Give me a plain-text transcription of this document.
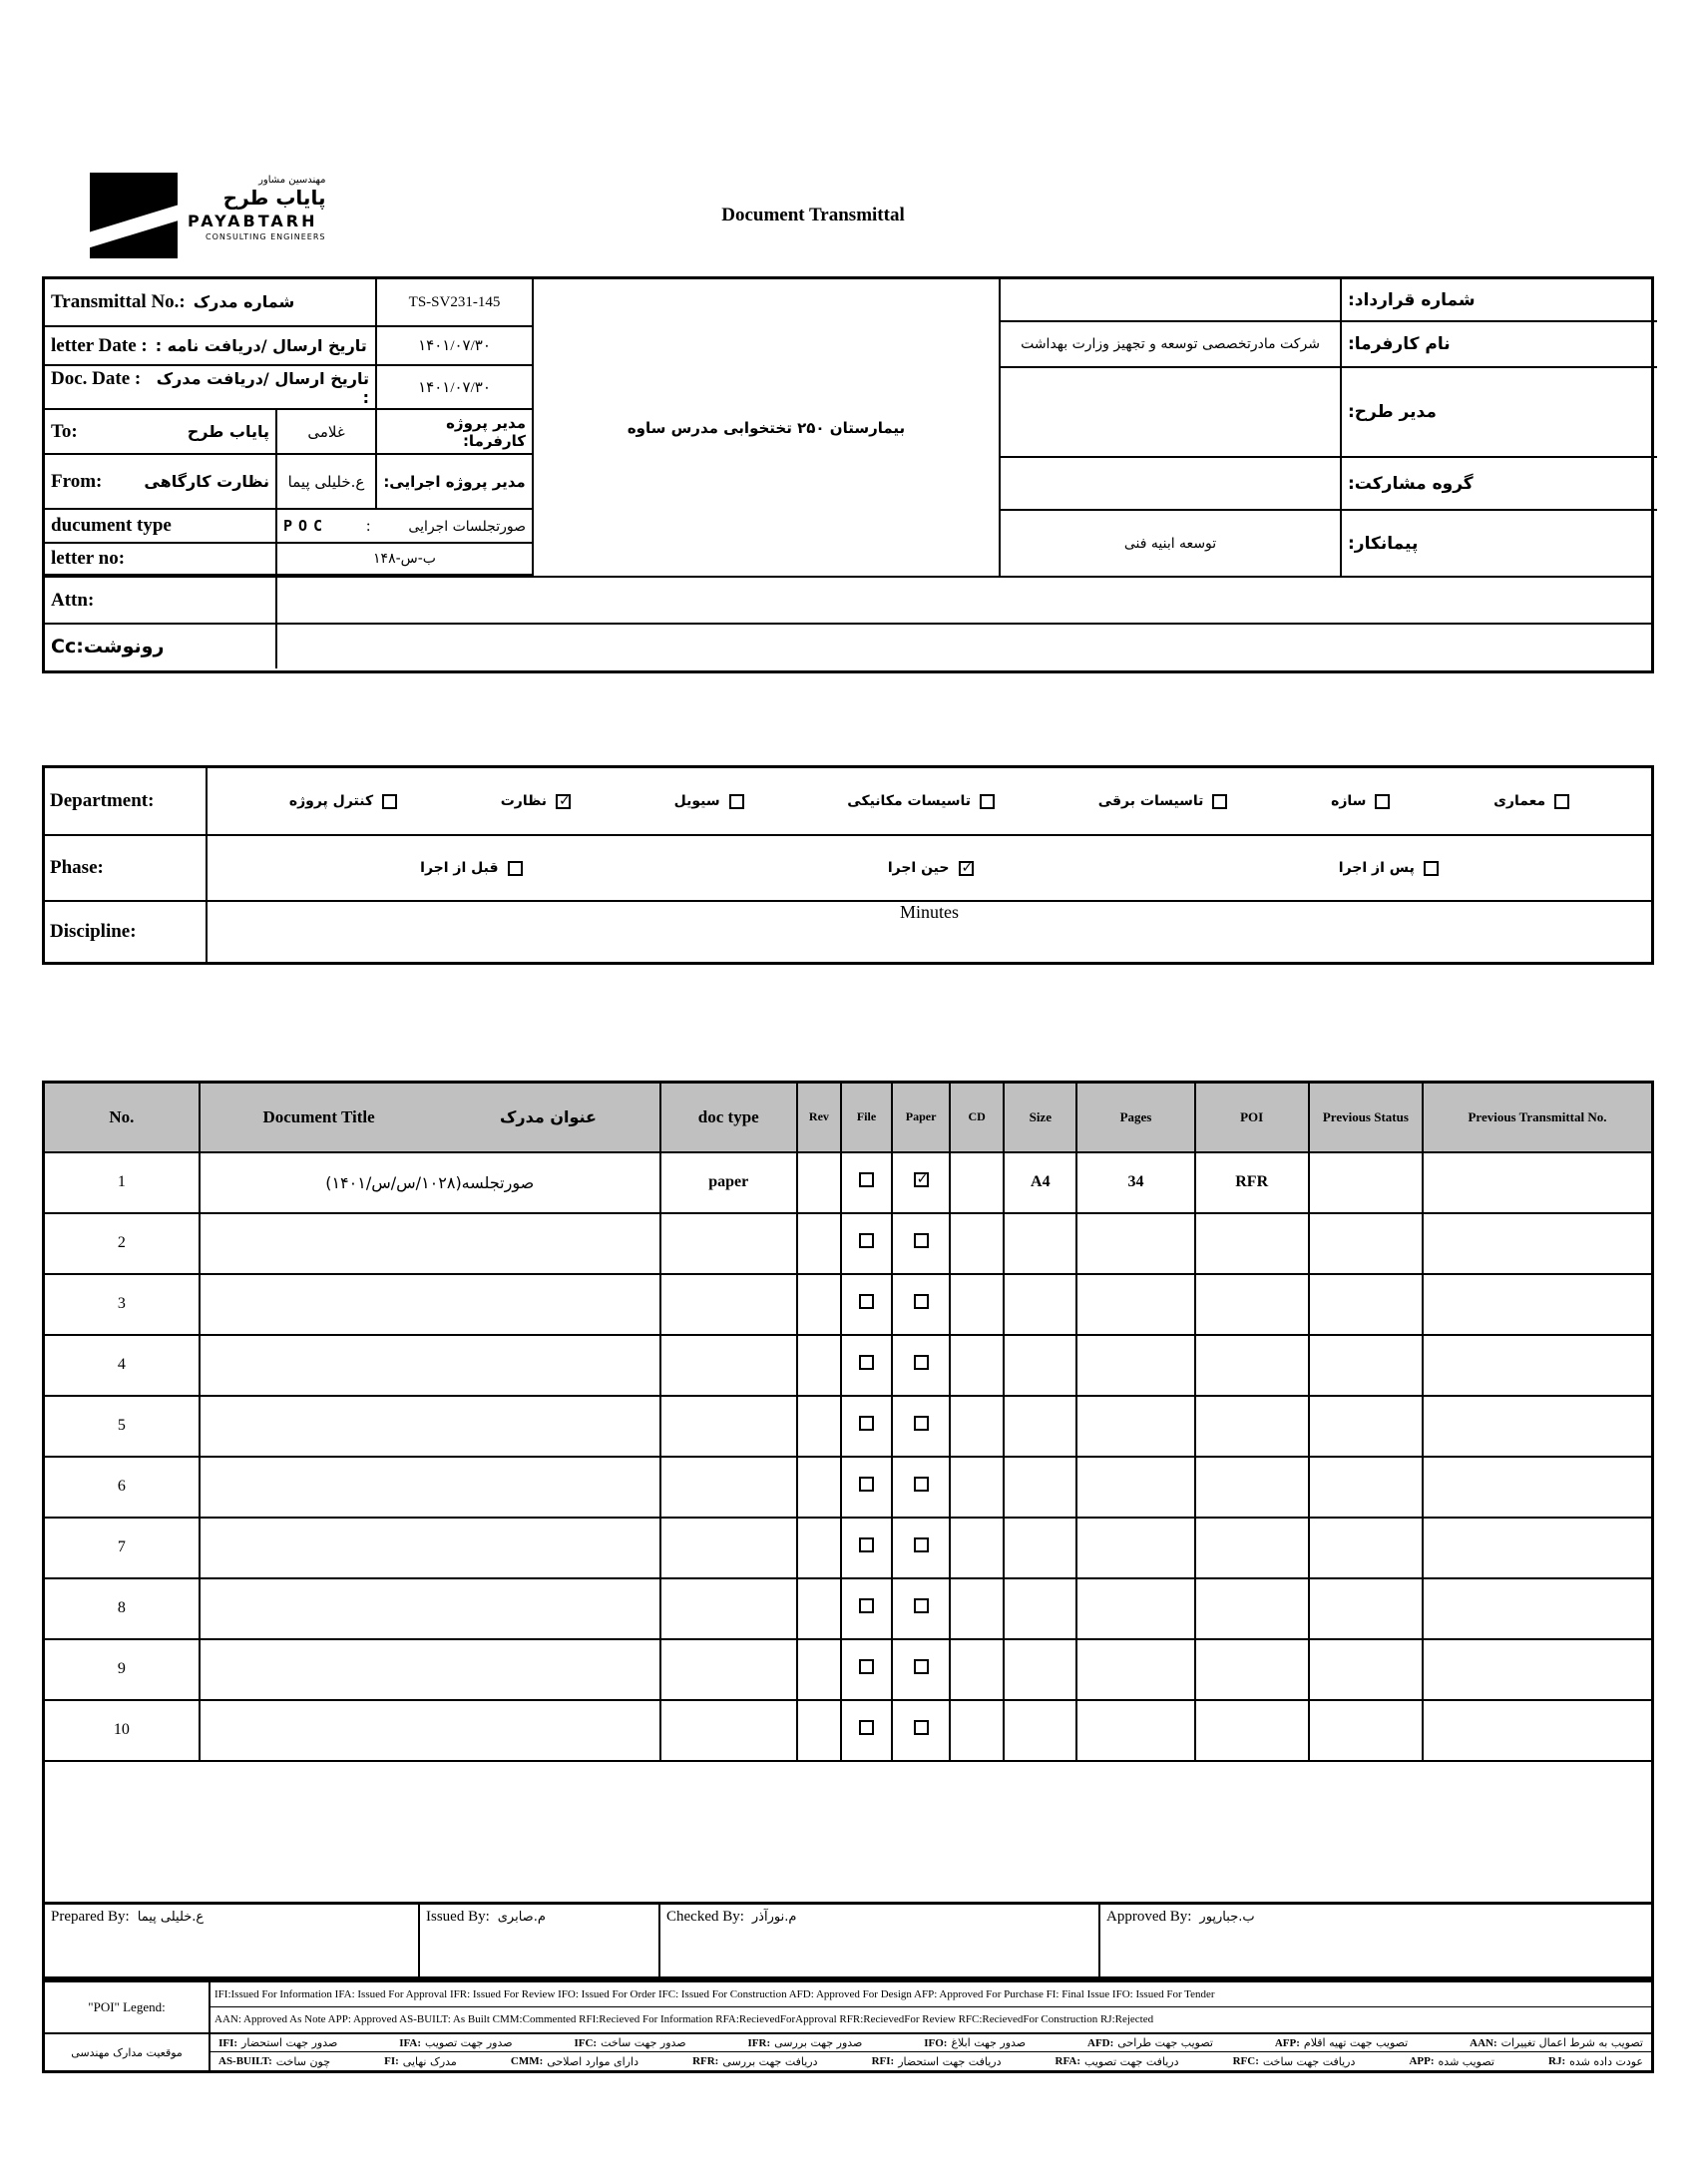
مهندسین مشاور
پایاب طرح
PAYABTARH
CONSULTING ENGINEERS
Document Transmittal
Transmittal No.: شماره مدرک	TS-SV231-145
letter Date : تاریخ ارسال /دریافت نامه :	۱۴۰۱/۰۷/۳۰
Doc. Date : تاریخ ارسال /دریافت مدرک :	۱۴۰۱/۰۷/۳۰
To:	پایاب طرح	غلامی	مدیر پروژه کارفرما:
From:	نظارت کارگاهی	ع.خلیلی پیما	مدیر پروژه اجرایی:
ducument type	POC :	صورتجلسات اجرایی
letter no:	۱۴۸-س-ب
بیمارستان ۲۵۰ تختخوابی مدرس ساوه
شماره قرارداد:
شرکت مادرتخصصی توسعه و تجهیز وزارت بهداشت	نام کارفرما:
مدیر طرح:
گروه مشارکت:
توسعه ابنیه فنی	پیمانکار:
Attn:
رونوشت:Cc
Department:	کنترل پروژه	نظارت ✓	سیویل	تاسیسات مکانیکی	تاسیسات برقی	سازه	معماری
Phase:	قبل از اجرا	حین اجرا ✓	پس از اجرا
Discipline:
Minutes
No.	Document Title عنوان مدرک	doc type	Rev	File	Paper	CD	Size	Pages	POI	Previous Status	Previous Transmittal No.
1	صورتجلسه(۱۰۲۸/س/س/۱۴۰۱)	paper			✓		A4	34	RFR		
2											
3											
4											
5											
6											
7											
8											
9											
10											

Prepared By: ع.خلیلی پیما	Issued By: م.صابری	Checked By: م.نورآذر	Approved By: ب.جبارپور
"POI" Legend:
IFI:Issued For Information IFA: Issued For Approval IFR: Issued For Review IFO: Issued For Order IFC: Issued For Construction AFD: Approved For Design AFP: Approved For Purchase FI: Final Issue IFO: Issued For Tender
AAN: Approved As Note APP: Approved AS-BUILT: As Built CMM:Commented RFI:Recieved For Information RFA:RecievedForApproval RFR:RecievedFor Review RFC:RecievedFor Construction RJ:Rejected
موقعیت مدارک مهندسی
AAN: تصویب به شرط اعمال تغییرات
AFP: تصویب جهت تهیه اقلام
AFD: تصویب جهت طراحی
IFO: صدور جهت ابلاغ
IFR: صدور جهت بررسی
IFC: صدور جهت ساخت
IFA: صدور جهت تصویب
IFI: صدور جهت استحضار
RJ: عودت داده شده
APP: تصویب شده
RFC: دریافت جهت ساخت
RFA: دریافت جهت تصویب
RFI: دریافت جهت استحضار
RFR: دریافت جهت بررسی
CMM: دارای موارد اصلاحی
FI: مدرک نهایی
AS-BUILT: چون ساخت
